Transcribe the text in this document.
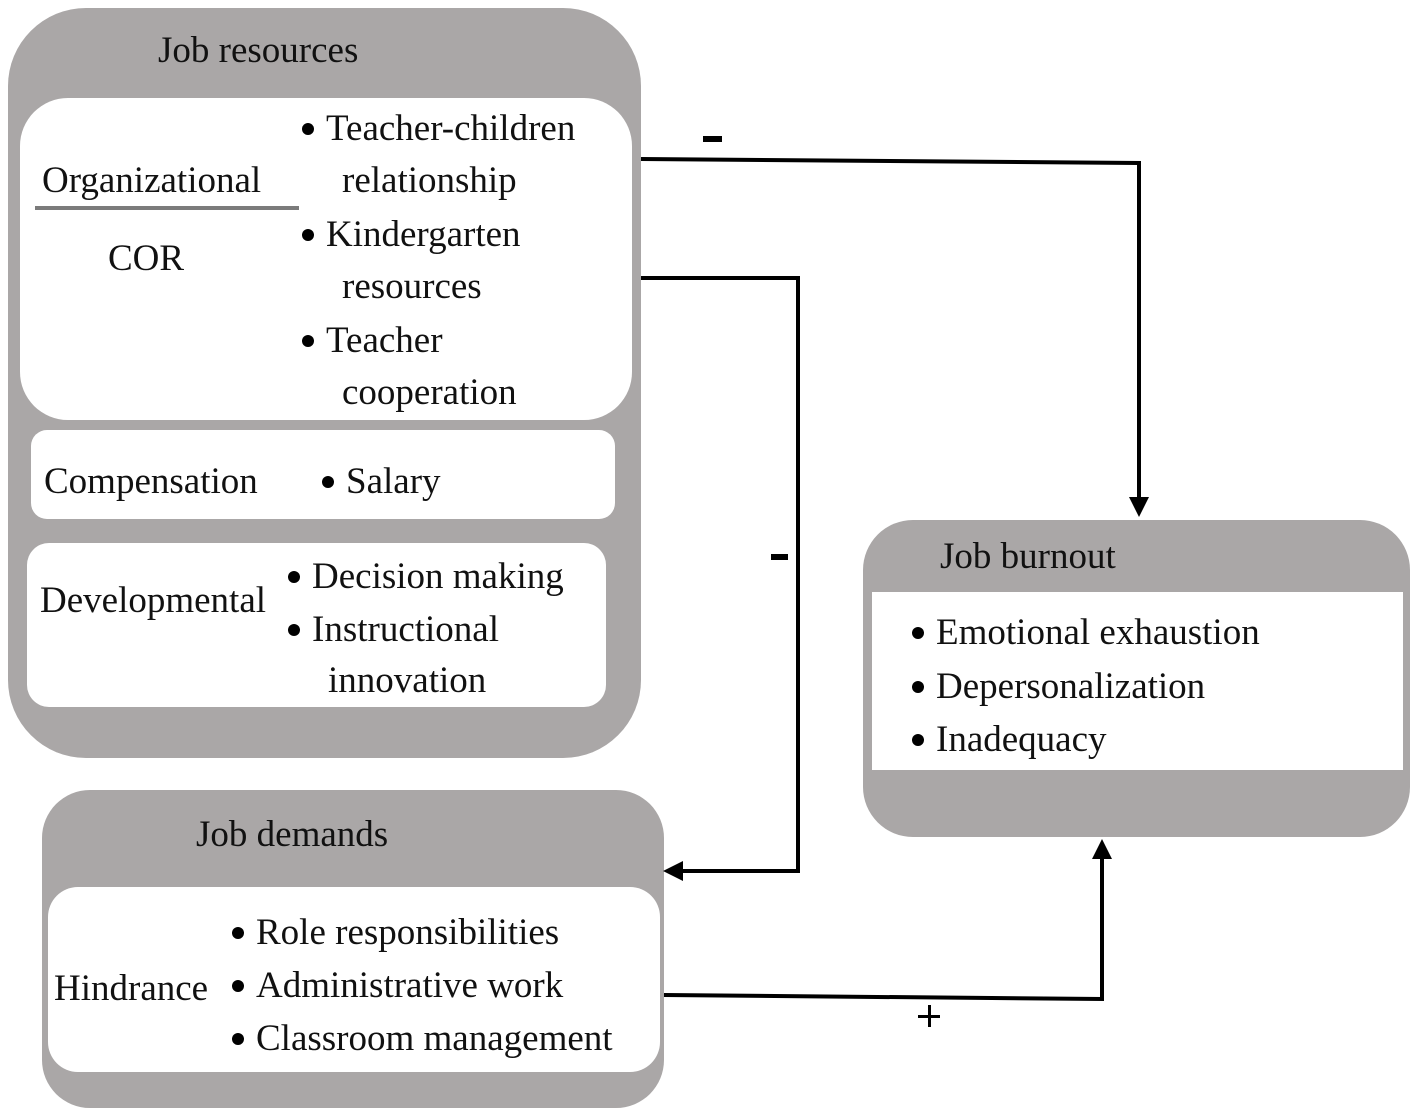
Job resources
Organizational
COR
Teacher-children
relationship
Kindergarten
resources
Teacher
cooperation
Compensation	Salary
Developmental
Decision making
Instructional
innovation
Job demands
Hindrance
Role responsibilities
Administrative work
Classroom management
Job burnout
Emotional exhaustion
Depersonalization
Inadequacy
